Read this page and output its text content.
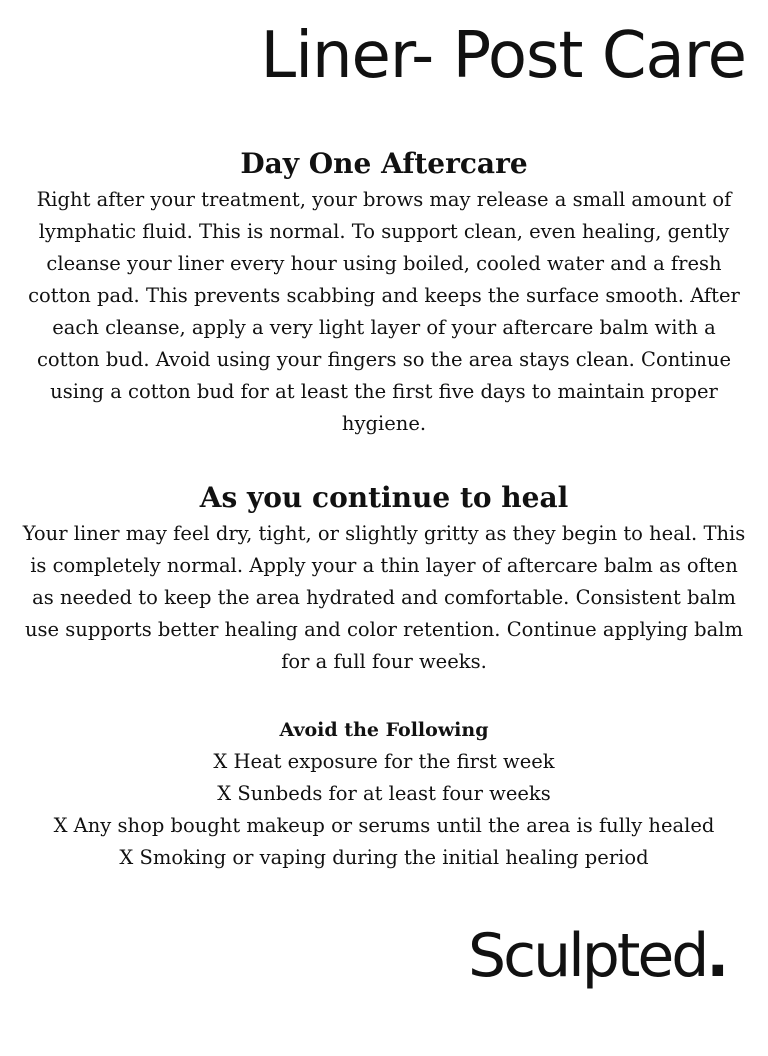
Liner- Post Care
Day One Aftercare

Right after your treatment, your brows may release a small amount of lymphatic fluid. This is normal. To support clean, even healing, gently cleanse your liner every hour using boiled, cooled water and a fresh cotton pad. This prevents scabbing and keeps the surface smooth. After each cleanse, apply a very light layer of your aftercare balm with a cotton bud. Avoid using your fingers so the area stays clean. Continue using a cotton bud for at least the first five days to maintain proper hygiene.

As you continue to heal

Your liner may feel dry, tight, or slightly gritty as they begin to heal. This is completely normal. Apply your a thin layer of aftercare balm as often as needed to keep the area hydrated and comfortable. Consistent balm use supports better healing and color retention. Continue applying balm for a full four weeks.

Avoid the Following
X Heat exposure for the first week
X Sunbeds for at least four weeks
X Any shop bought makeup or serums until the area is fully healed
X Smoking or vaping during the initial healing period
Sculpted.
